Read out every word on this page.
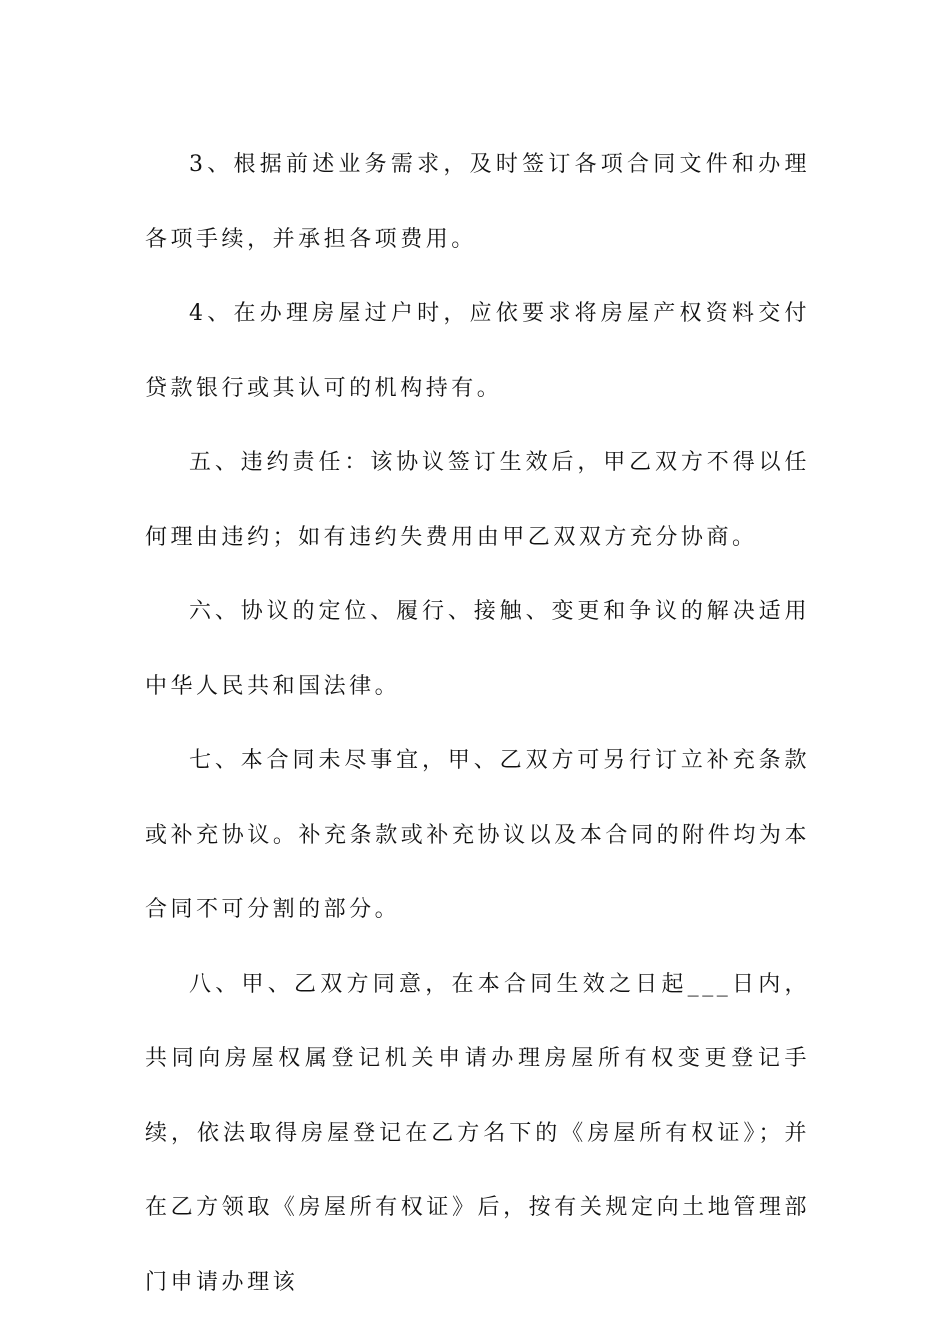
3、根据前述业务需求，及时签订各项合同文件和办理各项手续，并承担各项费用。

4、在办理房屋过户时，应依要求将房屋产权资料交付贷款银行或其认可的机构持有。

五、违约责任：该协议签订生效后，甲乙双方不得以任何理由违约；如有违约失费用由甲乙双双方充分协商。

六、协议的定位、履行、接触、变更和争议的解决适用中华人民共和国法律。

七、本合同未尽事宜，甲、乙双方可另行订立补充条款或补充协议。补充条款或补充协议以及本合同的附件均为本合同不可分割的部分。

八、甲、乙双方同意，在本合同生效之日起___日内，共同向房屋权属登记机关申请办理房屋所有权变更登记手续，依法取得房屋登记在乙方名下的《房屋所有权证》；并在乙方领取《房屋所有权证》后，按有关规定向土地管理部门申请办理该
